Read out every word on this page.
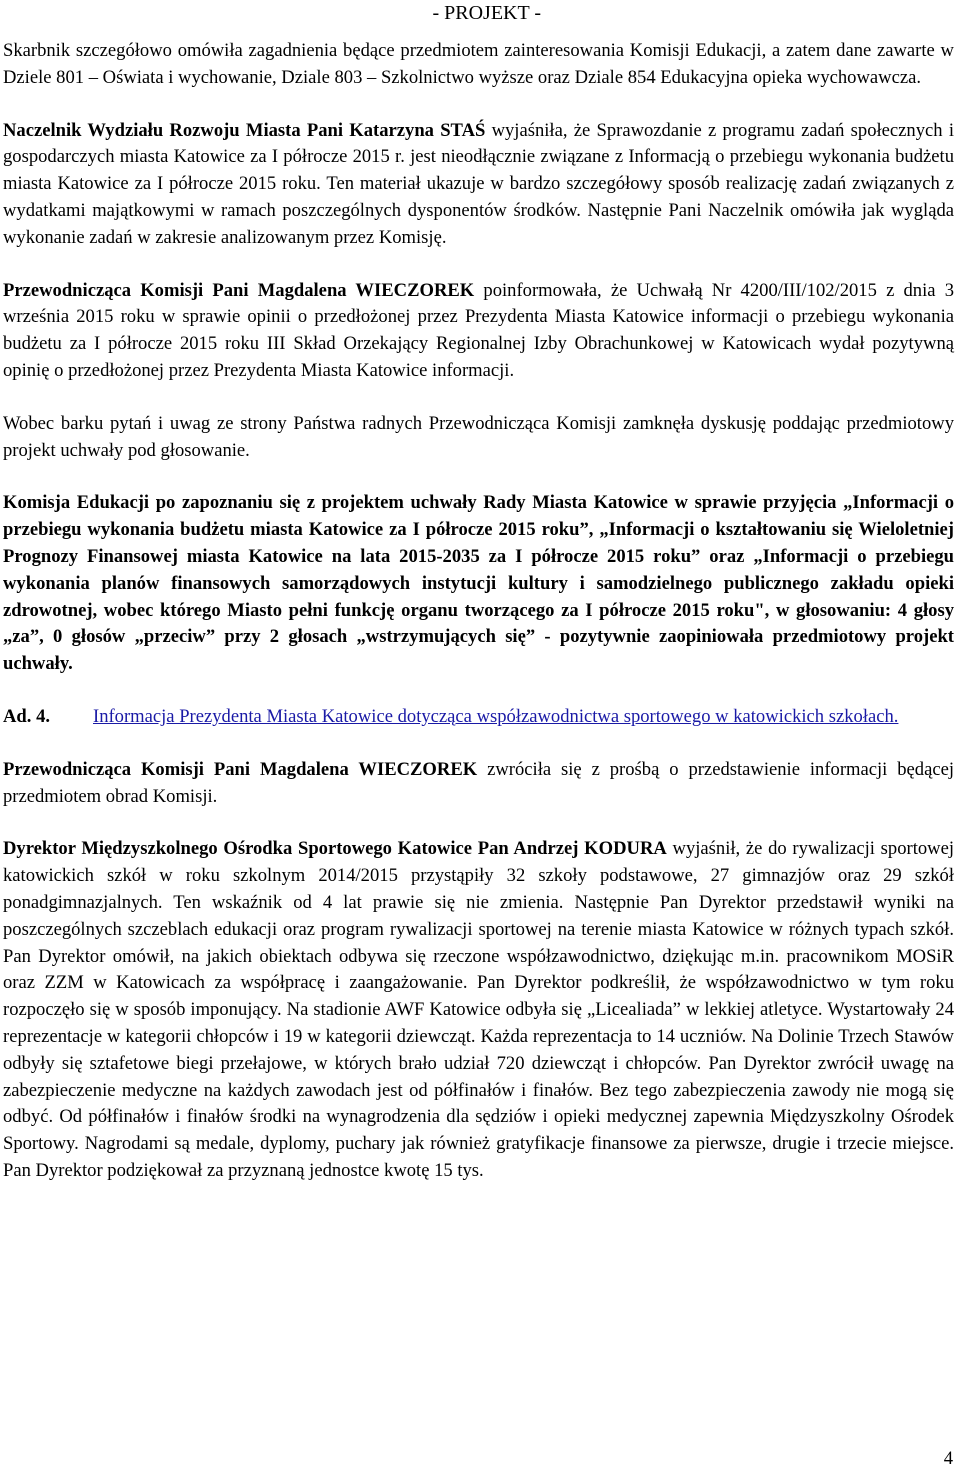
- PROJEKT -

Skarbnik szczegółowo omówiła zagadnienia będące przedmiotem zainteresowania Komisji Edukacji, a zatem dane zawarte w Dziele 801 – Oświata i wychowanie, Dziale 803 – Szkolnictwo wyższe oraz Dziale 854 Edukacyjna opieka wychowawcza.

Naczelnik Wydziału Rozwoju Miasta Pani Katarzyna STAŚ wyjaśniła, że Sprawozdanie z programu zadań społecznych i gospodarczych miasta Katowice za I półrocze 2015 r. jest nieodłącznie związane z Informacją o przebiegu wykonania budżetu miasta Katowice za I półrocze 2015 roku. Ten materiał ukazuje w bardzo szczegółowy sposób realizację zadań związanych z wydatkami majątkowymi w ramach poszczególnych dysponentów środków. Następnie Pani Naczelnik omówiła jak wygląda wykonanie zadań w zakresie analizowanym przez Komisję.

Przewodnicząca Komisji Pani Magdalena WIECZOREK poinformowała, że Uchwałą Nr 4200/III/102/2015 z dnia 3 września 2015 roku w sprawie opinii o przedłożonej przez Prezydenta Miasta Katowice informacji o przebiegu wykonania budżetu za I półrocze 2015 roku III Skład Orzekający Regionalnej Izby Obrachunkowej w Katowicach wydał pozytywną opinię o przedłożonej przez Prezydenta Miasta Katowice informacji.

Wobec barku pytań i uwag ze strony Państwa radnych Przewodnicząca Komisji zamknęła dyskusję poddając przedmiotowy projekt uchwały pod głosowanie.

Komisja Edukacji po zapoznaniu się z projektem uchwały Rady Miasta Katowice w sprawie przyjęcia „Informacji o przebiegu wykonania budżetu miasta Katowice za I półrocze 2015 roku”, „Informacji o kształtowaniu się Wieloletniej Prognozy Finansowej miasta Katowice na lata 2015-2035 za I półrocze 2015 roku” oraz „Informacji o przebiegu wykonania planów finansowych samorządowych instytucji kultury i samodzielnego publicznego zakładu opieki zdrowotnej, wobec którego Miasto pełni funkcję organu tworzącego za I półrocze 2015 roku", w głosowaniu: 4 głosy „za”, 0 głosów „przeciw” przy 2 głosach „wstrzymujących się” - pozytywnie zaopiniowała przedmiotowy projekt uchwały.

Ad. 4.	Informacja Prezydenta Miasta Katowice dotycząca współzawodnictwa sportowego w katowickich szkołach.

Przewodnicząca Komisji Pani Magdalena WIECZOREK zwróciła się z prośbą o przedstawienie informacji będącej przedmiotem obrad Komisji.

Dyrektor Międzyszkolnego Ośrodka Sportowego Katowice Pan Andrzej KODURA wyjaśnił, że do rywalizacji sportowej katowickich szkół w roku szkolnym 2014/2015 przystąpiły 32 szkoły podstawowe, 27 gimnazjów oraz 29 szkół ponadgimnazjalnych. Ten wskaźnik od 4 lat prawie się nie zmienia. Następnie Pan Dyrektor przedstawił wyniki na poszczególnych szczeblach edukacji oraz program rywalizacji sportowej na terenie miasta Katowice w różnych typach szkół. Pan Dyrektor omówił, na jakich obiektach odbywa się rzeczone współzawodnictwo, dziękując m.in. pracownikom MOSiR oraz ZZM w Katowicach za współpracę i zaangażowanie. Pan Dyrektor podkreślił, że współzawodnictwo w tym roku rozpoczęło się w sposób imponujący. Na stadionie AWF Katowice odbyła się „Licealiada” w lekkiej atletyce. Wystartowały 24 reprezentacje w kategorii chłopców i 19 w kategorii dziewcząt. Każda reprezentacja to 14 uczniów. Na Dolinie Trzech Stawów odbyły się sztafetowe biegi przełajowe, w których brało udział 720 dziewcząt i chłopców. Pan Dyrektor zwrócił uwagę na zabezpieczenie medyczne na każdych zawodach jest od półfinałów i finałów. Bez tego zabezpieczenia zawody nie mogą się odbyć. Od półfinałów i finałów środki na wynagrodzenia dla sędziów i opieki medycznej zapewnia Międzyszkolny Ośrodek Sportowy. Nagrodami są medale, dyplomy, puchary jak również gratyfikacje finansowe za pierwsze, drugie i trzecie miejsce. Pan Dyrektor podziękował za przyznaną jednostce kwotę 15 tys.

4
